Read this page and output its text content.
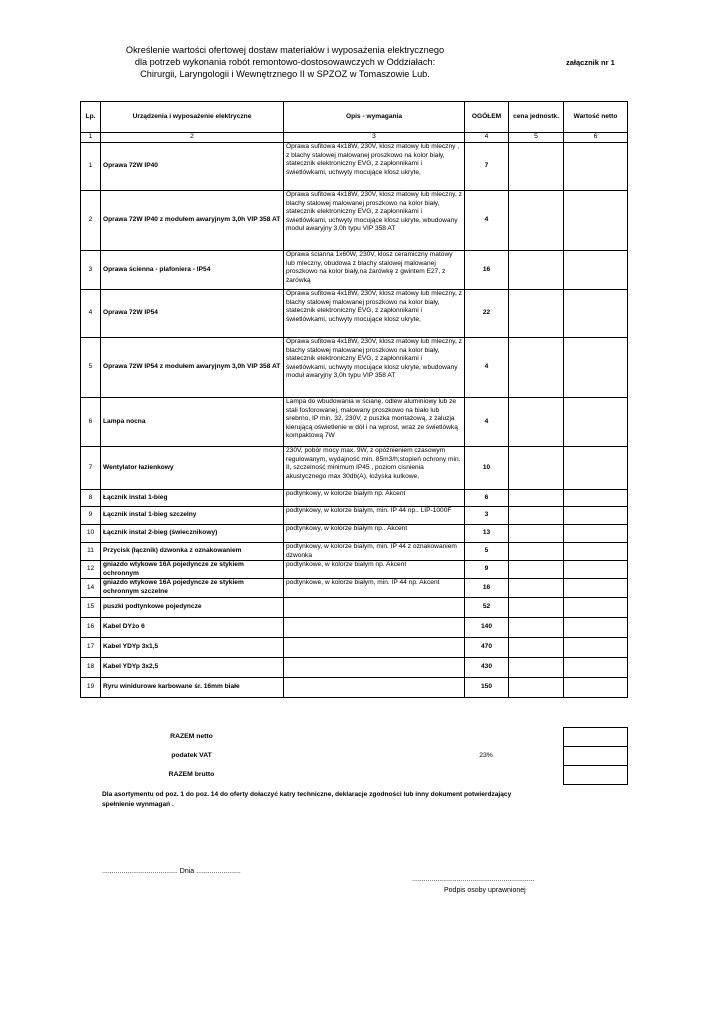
Określenie wartości ofertowej dostaw materiałów i wyposażenia elektrycznego
dla potrzeb wykonania robót remontowo-dostosowawczych w Oddziałach:
Chirurgii, Laryngologii i Wewnętrznego II w SPZOZ w Tomaszowie Lub.
załącznik nr 1
Lp.	Urządzenia i wyposażenie elektryczne	Opis - wymagania	OGÓŁEM	cena jednostk.	Wartość netto
1	2	3	4	5	6
1	Oprawa 72W IP40	Oprawa sufitowa 4x18W, 230V, klosz matowy lub mleczny , z blachy stalowej malowanej proszkowo na kolor biały, statecznik elektroniczny EVG, z zapłonnikami i świetlówkami, uchwyty mocujące klosz ukryte,	7		
2	Oprawa 72W IP40 z modułem awaryjnym 3,0h VIP 358 AT	Oprawa sufitowa 4x18W, 230V, klosz matowy lub mleczny, z blachy stalowej malowanej proszkowo na kolor biały, statecznik elektroniczny EVG, z zapłonnikami i świetlówkami, uchwyty mocujące klosz ukryte, wbudowany moduł awaryjny 3,0h typu VIP 358 AT	4		
3	Oprawa ścienna - plafoniera - IP54	Oprawa ścianna 1x60W, 230V, klosz ceramiczny matowy lub mleczny, obudowa z blachy stalowej malowanej proszkowo na kolor biały,na żarówkę z gwintem E27, z żarówką	16		
4	Oprawa 72W IP54	Oprawa sufitowa 4x18W, 230V, klosz matowy lub mleczny, z blachy stalowej malowanej proszkowo na kolor biały, statecznik elektroniczny EVG, z zapłonnikami i świetlówkami, uchwyty mocujące klosz ukryte,	22		
5	Oprawa 72W IP54 z modułem awaryjnym 3,0h VIP 358 AT	Oprawa sufitowa 4x18W, 230V, klosz matowy lub mleczny, z blachy stalowej malowanej proszkowo na kolor biały, statecznik elektroniczny EVG, z zapłonnikami i świetlówkami, uchwyty mocujące klosz ukryte, wbudowany moduł awaryjny 3,0h typu VIP 358 AT	4		
6	Lampa nocna	Lampa do wbudowania w ścianę, odlew aluminiowy lub ze stali fosforowanej, malowany proszkowo na biało lub srebrno, IP min. 32, 230V, z puszka montażową, z żaluzja kierującą oświetlenie w dół i na wprost, wraz ze świetlówką kompaktową 7W	4		
7	Wentylator łazienkowy	230V, pobór mocy max. 9W, z opóźnieniem czasowym regulowanym, wydajność min. 85m3/h;stopień ochrony min. II, szczelność minimum IP45 , poziom cisnienia akustycznego max 30db(A), łożyska kulkowe,	10		
8	Łącznik instal 1-bieg	podtynkowy, w kolorze białym np. Akcent	6		
9	Łącznik instal 1-bieg szczelny	podtynkowy, w kolorze białym, min. IP 44 np.. LIP-1000F	3		
10	Łącznik instal 2-bieg (świecznikowy)	podtynkowy, w kolorze białym np.. Akcent	13		
11	Przycisk (łącznik) dzwonka z oznakowaniem	podtynkowy, w kolorze białym, min. IP 44 z oznakowaniem dzwonka	5		
12	gniazdo wtykowe 16A pojedyncze ze stykiem ochronnym	podtynkowe, w kolorze białym np. Akcent	9		
14	gniazdo wtykowe 16A pojedyncze ze stykiem ochronnym szczelne	podtynkowe, w kolorze białym, min. IP 44 np. Akcent	16		
15	puszki podtynkowe pojedyncze		52		
16	Kabel DYżo 6		140		
17	Kabel YDYp 3x1,5		470		
18	Kabel YDYp 3x2,5		430		
19	Ryru winidurowe karbowane śr. 16mm białe		150		
	RAZEM netto				
	podatek VAT		23%		
	RAZEM brutto				
Dla asortymentu od poz. 1 do poz. 14 do oferty dołaczyć katry techniczne, deklaracje zgodności lub inny dokument potwierdzający spełnienie wynmagań .
....................................... Dnia .......................
...............................................................
Podpis osoby uprawnionej
